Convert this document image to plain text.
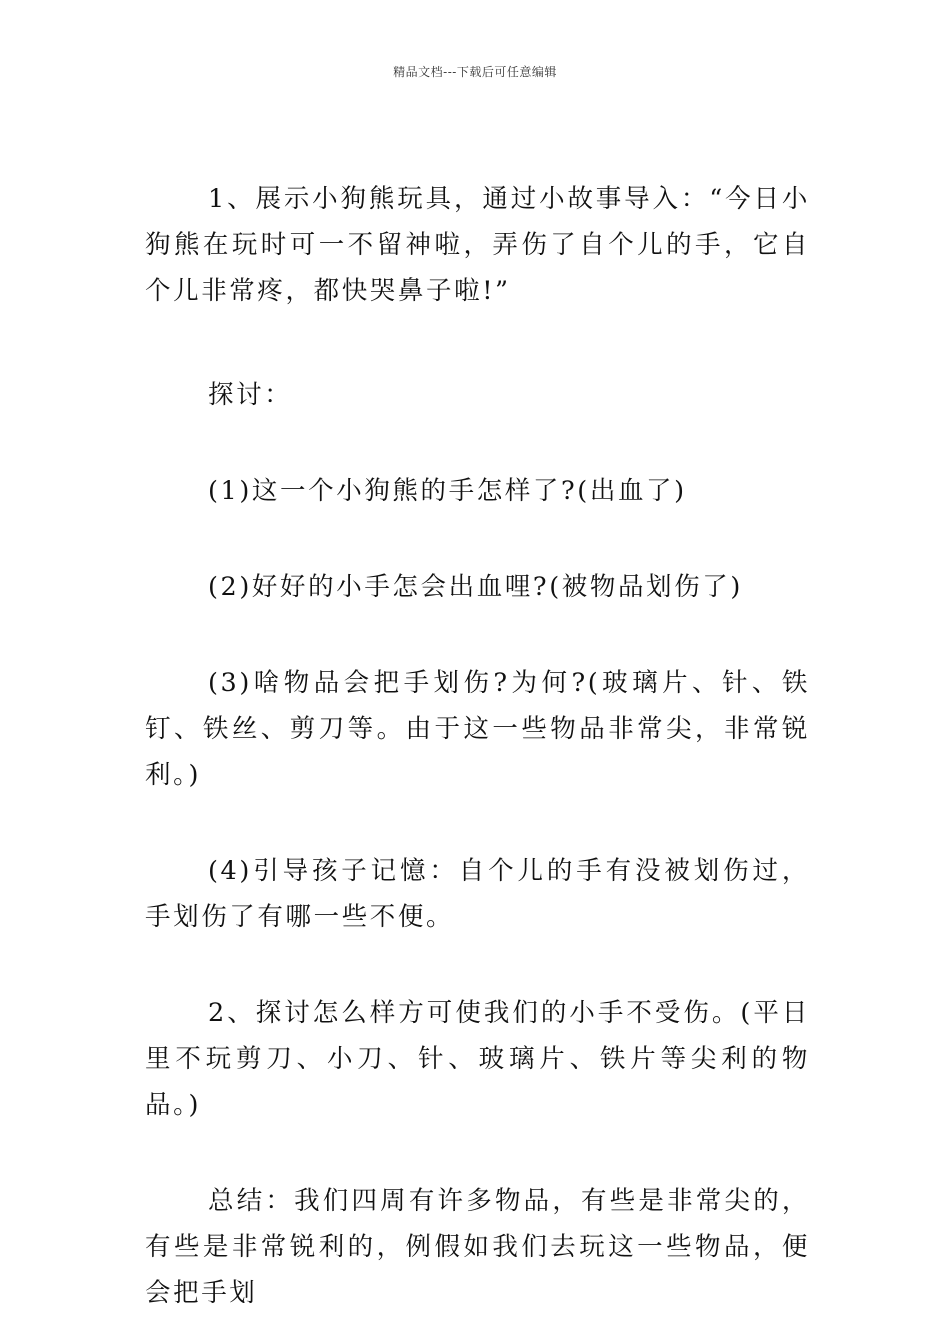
精品文档---下载后可任意编辑

1、展示小狗熊玩具，通过小故事导入：“今日小狗熊在玩时可一不留神啦，弄伤了自个儿的手，它自个儿非常疼，都快哭鼻子啦!”

探讨：

(1)这一个小狗熊的手怎样了?(出血了)

(2)好好的小手怎会出血哩?(被物品划伤了)

(3)啥物品会把手划伤?为何?(玻璃片、针、铁钉、铁丝、剪刀等。由于这一些物品非常尖，非常锐利。)

(4)引导孩子记憶：自个儿的手有没被划伤过，手划伤了有哪一些不便。

2、探讨怎么样方可使我们的小手不受伤。(平日里不玩剪刀、小刀、针、玻璃片、铁片等尖利的物品。)

总结：我们四周有许多物品，有些是非常尖的，有些是非常锐利的，例假如我们去玩这一些物品，便会把手划
